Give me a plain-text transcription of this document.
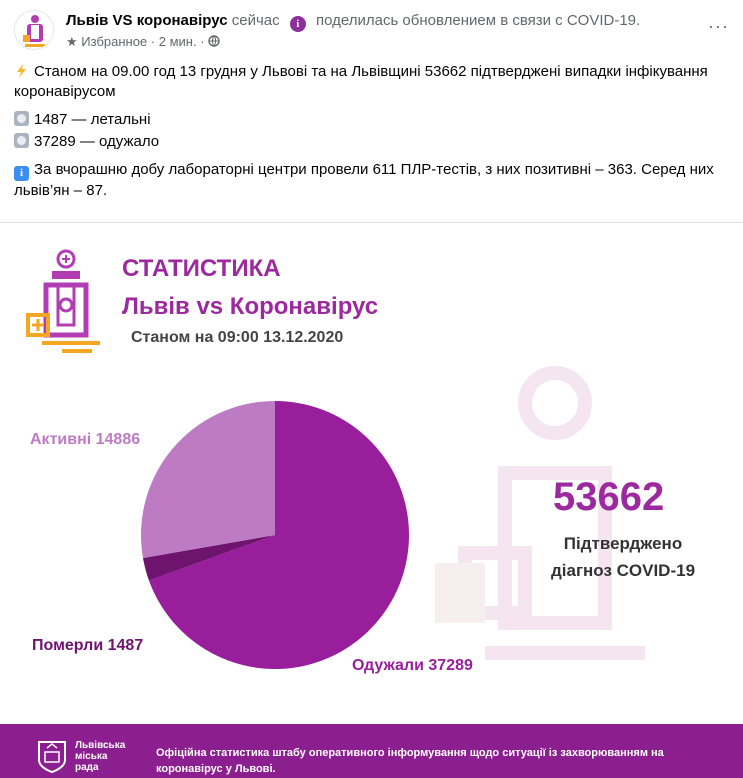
Львів VS коронавірус сейчас i поделилась обновлением в связи с COVID-19.
★ Избранное · 2 мин. ·
···

Станом на 09.00 год 13 грудня у Львові та на Львівщині 53662 підтверджені випадки інфікування коронавірусом

1487 — летальні

37289 — одужало

i За вчорашню добу лабораторні центри провели 611 ПЛР-тестів, з них позитивні – 363. Серед них львів’ян – 87.

СТАТИСТИКА
Львів vs Коронавірус
Станом на 09:00 13.12.2020
Одужали 37289
Померли 1487
Активні 14886
53662
Підтверджено
діагноз COVID-19
Львівська
міська
рада
Офіційна статистика штабу оперативного інформування щодо ситуації із захворюванням на коронавірус у Львові.
